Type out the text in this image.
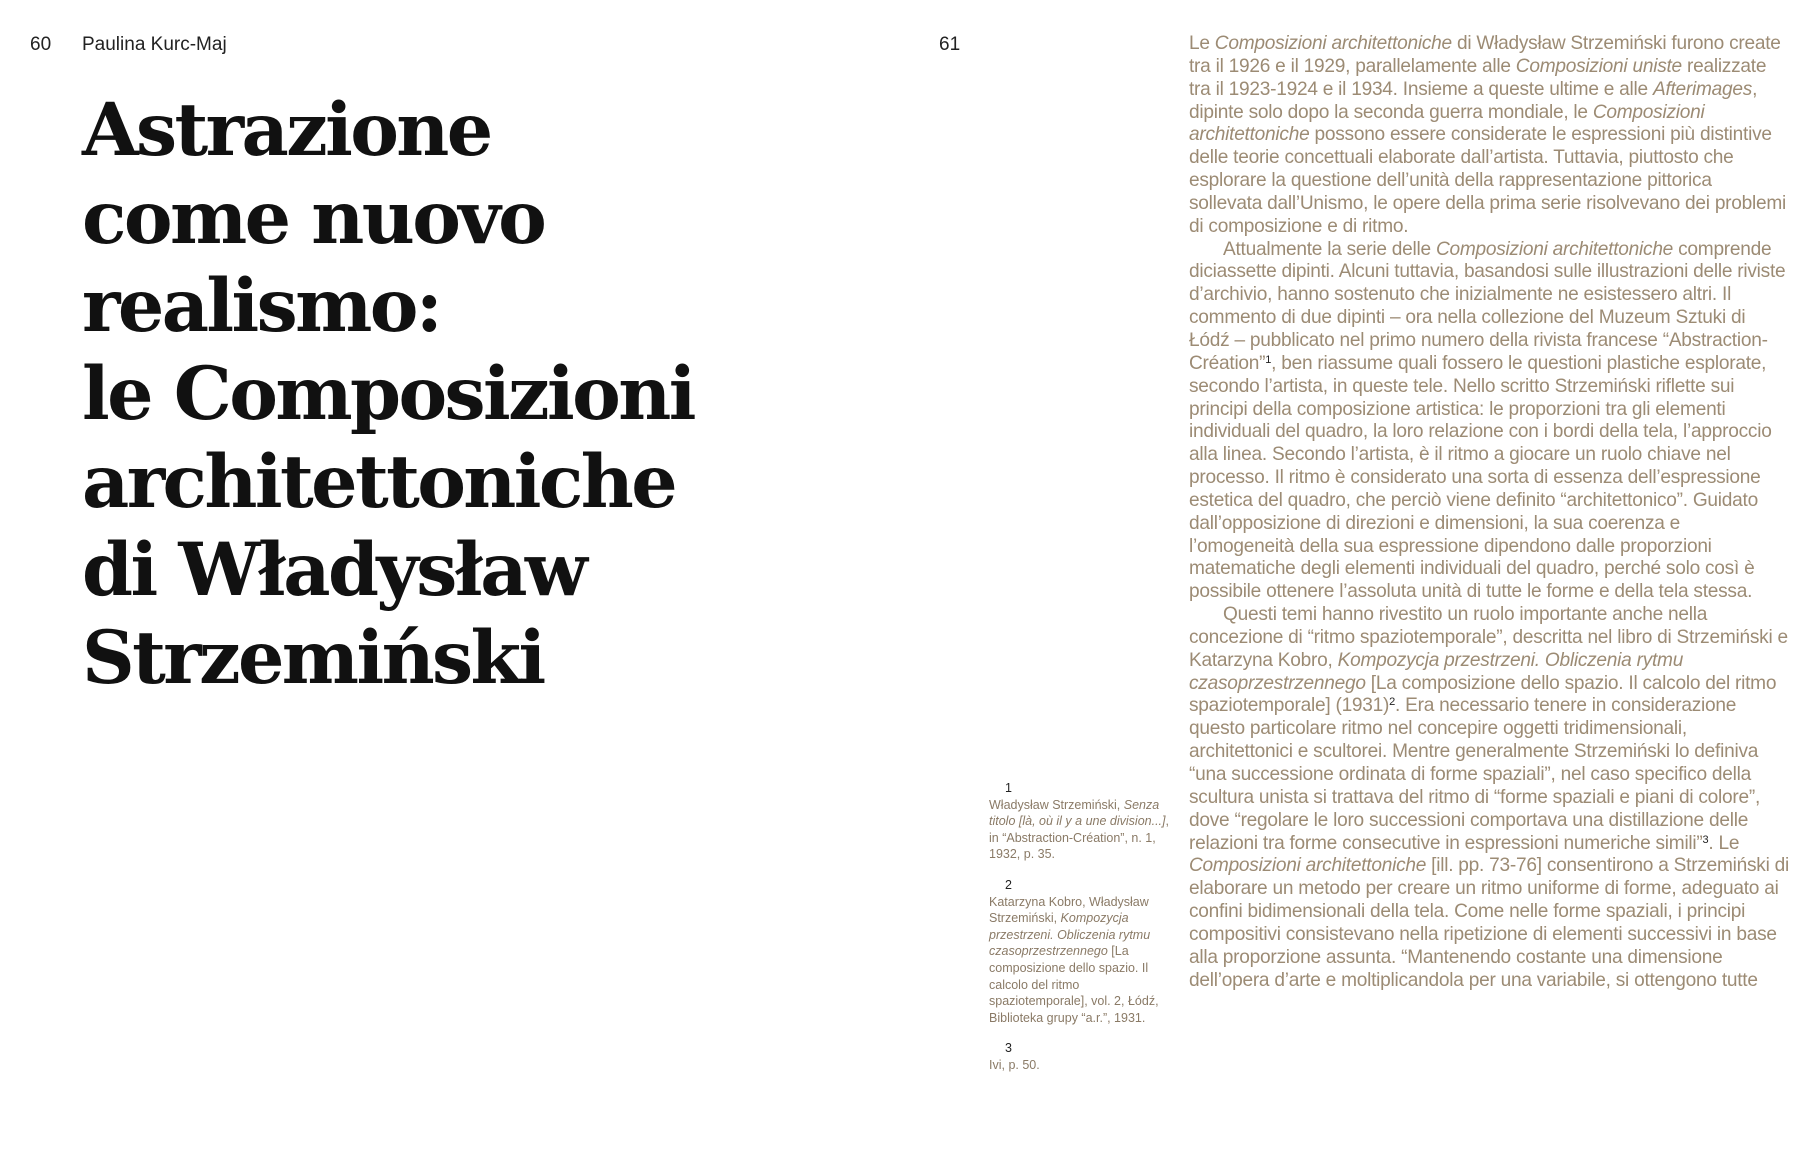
60 Paulina Kurc-Maj
Astrazione
come nuovo
realismo:
le Composizioni
architettoniche
di Władysław
Strzemiński
61
1
Władysław Strzemiński, Senza titolo [là, où il y a une division...], in “Abstraction-Création”, n. 1, 1932, p. 35.
2
Katarzyna Kobro, Władysław Strzemiński, Kompozycja przestrzeni. Obliczenia rytmu czasoprzestrzennego [La composizione dello spazio. Il calcolo del ritmo spaziotemporale], vol. 2, Łódź, Biblioteka grupy “a.r.”, 1931.
3
Ivi, p. 50.

Le Composizioni architettoniche di Władysław Strzemiński furono create tra il 1926 e il 1929, parallelamente alle Composizioni uniste realizzate tra il 1923-1924 e il 1934. Insieme a queste ultime e alle Afterimages, dipinte solo dopo la seconda guerra mondiale, le Composizioni architettoniche possono essere considerate le espressioni più distintive delle teorie concettuali elaborate dall’artista. Tuttavia, piuttosto che esplorare la questione dell’unità della rappresentazione pittorica sollevata dall’Unismo, le opere della prima serie risolvevano dei problemi di composizione e di ritmo.

Attualmente la serie delle Composizioni architettoniche comprende diciassette dipinti. Alcuni tuttavia, basandosi sulle illustrazioni delle riviste d’archivio, hanno sostenuto che inizialmente ne esistessero altri. Il commento di due dipinti – ora nella collezione del Muzeum Sztuki di Łódź – pubblicato nel primo numero della rivista francese “Abstraction-Création”$^1$, ben riassume quali fossero le questioni plastiche esplorate, secondo l’artista, in queste tele. Nello scritto Strzemiński riflette sui principi della composizione artistica: le proporzioni tra gli elementi individuali del quadro, la loro relazione con i bordi della tela, l’approccio alla linea. Secondo l’artista, è il ritmo a giocare un ruolo chiave nel processo. Il ritmo è considerato una sorta di essenza dell’espressione estetica del quadro, che perciò viene definito “architettonico”. Guidato dall’opposizione di direzioni e dimensioni, la sua coerenza e l’omogeneità della sua espressione dipendono dalle proporzioni matematiche degli elementi individuali del quadro, perché solo così è possibile ottenere l’assoluta unità di tutte le forme e della tela stessa.

Questi temi hanno rivestito un ruolo importante anche nella concezione di “ritmo spaziotemporale”, descritta nel libro di Strzemiński e Katarzyna Kobro, Kompozycja przestrzeni. Obliczenia rytmu czasoprzestrzennego [La composizione dello spazio. Il calcolo del ritmo spaziotemporale] $(1931)^2$. Era necessario tenere in considerazione questo particolare ritmo nel concepire oggetti tridimensionali, architettonici e scultorei. Mentre generalmente Strzemiński lo definiva “una successione ordinata di forme spaziali”, nel caso specifico della scultura unista si trattava del ritmo di “forme spaziali e piani di colore”, dove “regolare le loro successioni comportava una distillazione delle relazioni tra forme consecutive in espressioni numeriche simili”$^3$. Le Composizioni architettoniche [ill. pp. 73-76] consentirono a Strzemiński di elaborare un metodo per creare un ritmo uniforme di forme, adeguato ai confini bidimensionali della tela. Come nelle forme spaziali, i principi compositivi consistevano nella ripetizione di elementi successivi in base alla proporzione assunta. “Mantenendo costante una dimensione dell’opera d’arte e moltiplicandola per una variabile, si ottengono tutte
